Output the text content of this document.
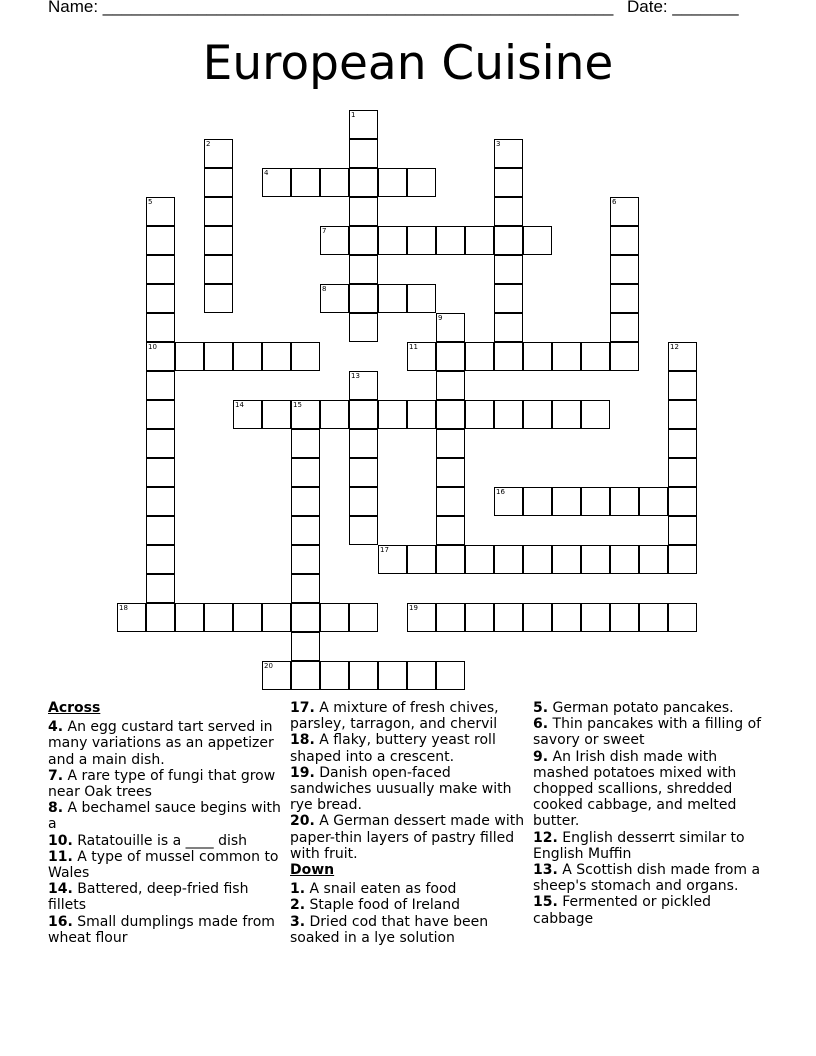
Name: ______________________________________________________ Date: _______
European Cuisine
1
2	3
4
5
10
6
7
8
9
11	12
13
14	15
16
17
18	19
20
Across
4. An egg custard tart served in many variations as an appetizer and a main dish.
7. A rare type of fungi that grow near Oak trees
8. A bechamel sauce begins with a
10. Ratatouille is a ____ dish
11. A type of mussel common to Wales
14. Battered, deep-fried fish fillets
16. Small dumplings made from wheat flour
17. A mixture of fresh chives, parsley, tarragon, and chervil
18. A flaky, buttery yeast roll shaped into a crescent.
19. Danish open-faced sandwiches uusually make with rye bread.
20. A German dessert made with paper-thin layers of pastry filled with fruit.
Down
1. A snail eaten as food
2. Staple food of Ireland
3. Dried cod that have been soaked in a lye solution
5. German potato pancakes.
6. Thin pancakes with a filling of savory or sweet
9. An Irish dish made with mashed potatoes mixed with chopped scallions, shredded cooked cabbage, and melted butter.
12. English desserrt similar to English Muffin
13. A Scottish dish made from a sheep's stomach and organs.
15. Fermented or pickled cabbage
